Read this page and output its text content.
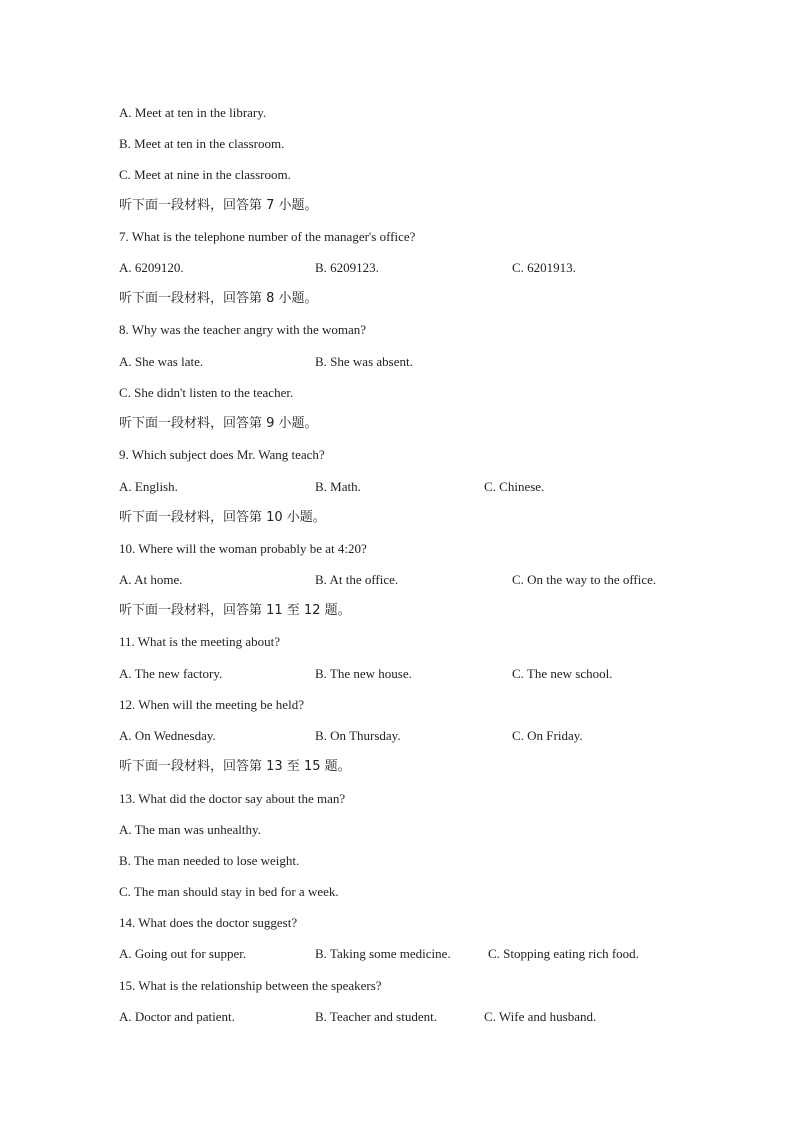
A. Meet at ten in the library.
B. Meet at ten in the classroom.
C. Meet at nine in the classroom.
听下面一段材料，回答第 7 小题。
7. What is the telephone number of the manager's office?
A. 6209120.	B. 6209123.	C. 6201913.
听下面一段材料，回答第 8 小题。
8. Why was the teacher angry with the woman?
A. She was late.	B. She was absent.
C. She didn't listen to the teacher.
听下面一段材料，回答第 9 小题。
9. Which subject does Mr. Wang teach?
A. English.	B. Math.	C. Chinese.
听下面一段材料，回答第 10 小题。
10. Where will the woman probably be at 4:20?
A. At home.	B. At the office.	C. On the way to the office.
听下面一段材料，回答第 11 至 12 题。
11. What is the meeting about?
A. The new factory.	B. The new house.	C. The new school.
12. When will the meeting be held?
A. On Wednesday.	B. On Thursday.	C. On Friday.
听下面一段材料，回答第 13 至 15 题。
13. What did the doctor say about the man?
A. The man was unhealthy.
B. The man needed to lose weight.
C. The man should stay in bed for a week.
14. What does the doctor suggest?
A. Going out for supper.	B. Taking some medicine.	C. Stopping eating rich food.
15. What is the relationship between the speakers?
A. Doctor and patient.	B. Teacher and student.	C. Wife and husband.
